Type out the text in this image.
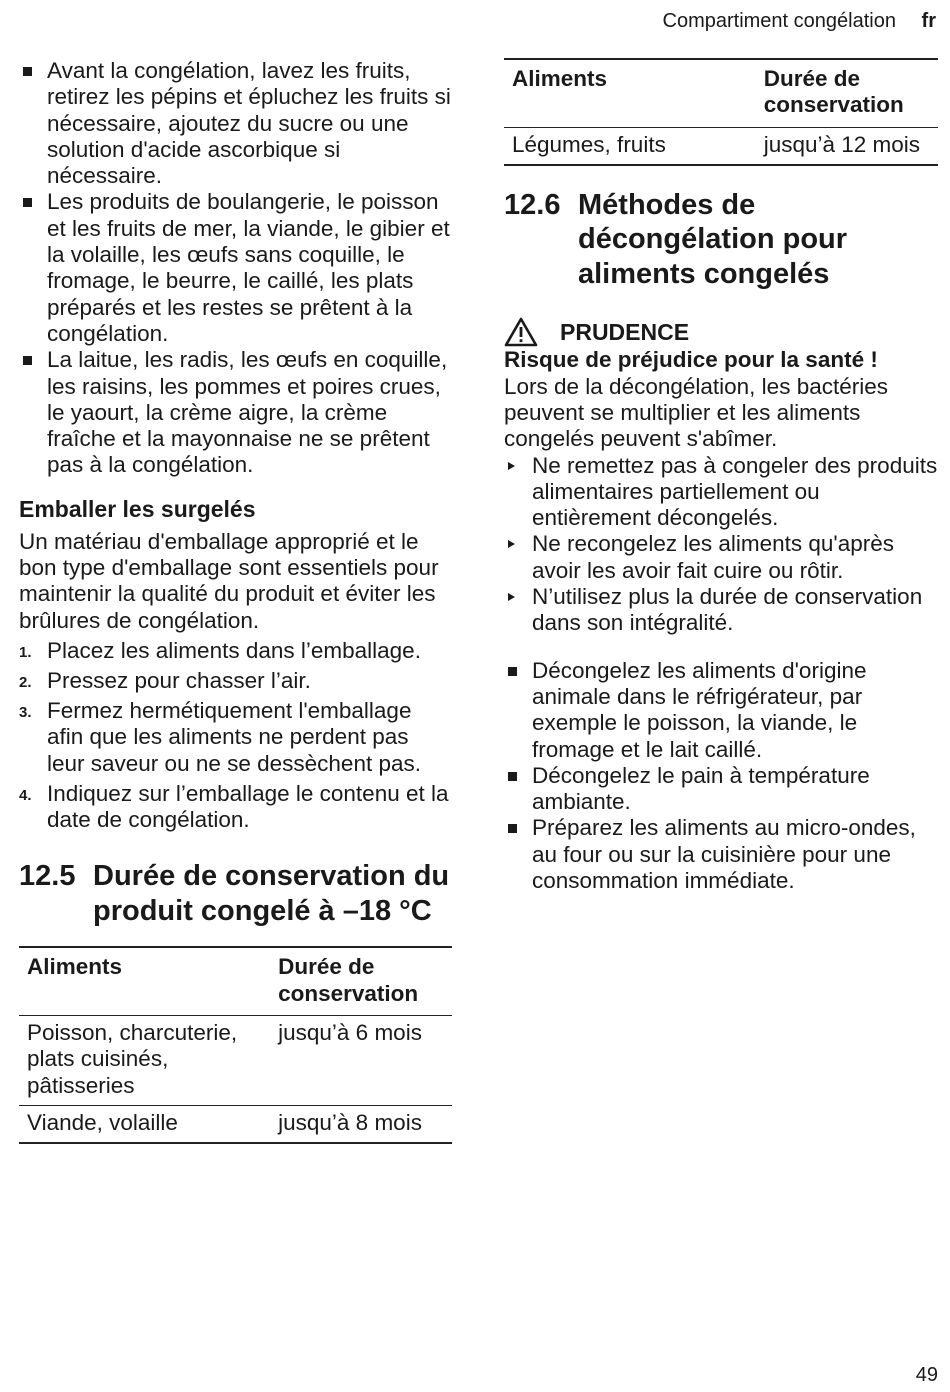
Compartiment congélation fr
Avant la congélation, lavez les fruits, retirez les pépins et épluchez les fruits si nécessaire, ajoutez du sucre ou une solution d'acide ascorbique si nécessaire.
Les produits de boulangerie, le poisson et les fruits de mer, la viande, le gibier et la volaille, les œufs sans coquille, le fromage, le beurre, le caillé, les plats préparés et les restes se prêtent à la congélation.
La laitue, les radis, les œufs en coquille, les raisins, les pommes et poires crues, le yaourt, la crème aigre, la crème fraîche et la mayonnaise ne se prêtent pas à la congélation.
Emballer les surgelés

Un matériau d'emballage approprié et le bon type d'emballage sont essentiels pour maintenir la qualité du produit et éviter les brûlures de congélation.

1. Placez les aliments dans l’emballage.
2. Pressez pour chasser l’air.
3. Fermez hermétiquement l'emballage afin que les aliments ne perdent pas leur saveur ou ne se dessèchent pas.
4. Indiquez sur l’emballage le contenu et la date de congélation.
12.5 Durée de conservation du produit congelé à –18 °C
Aliments	Durée de conservation
Poisson, charcuterie, plats cuisinés, pâtisseries	jusqu’à 6 mois
Viande, volaille	jusqu’à 8 mois
Aliments	Durée de conservation
Légumes, fruits	jusqu’à 12 mois
12.6 Méthodes de décongélation pour aliments congelés
PRUDENCE
Risque de préjudice pour la santé !

Lors de la décongélation, les bactéries peuvent se multiplier et les aliments congelés peuvent s'abîmer.

Ne remettez pas à congeler des produits alimentaires partiellement ou entièrement décongelés.
Ne recongelez les aliments qu'après avoir les avoir fait cuire ou rôtir.
N’utilisez plus la durée de conservation dans son intégralité.
Décongelez les aliments d'origine animale dans le réfrigérateur, par exemple le poisson, la viande, le fromage et le lait caillé.
Décongelez le pain à température ambiante.
Préparez les aliments au micro-ondes, au four ou sur la cuisinière pour une consommation immédiate.
49
